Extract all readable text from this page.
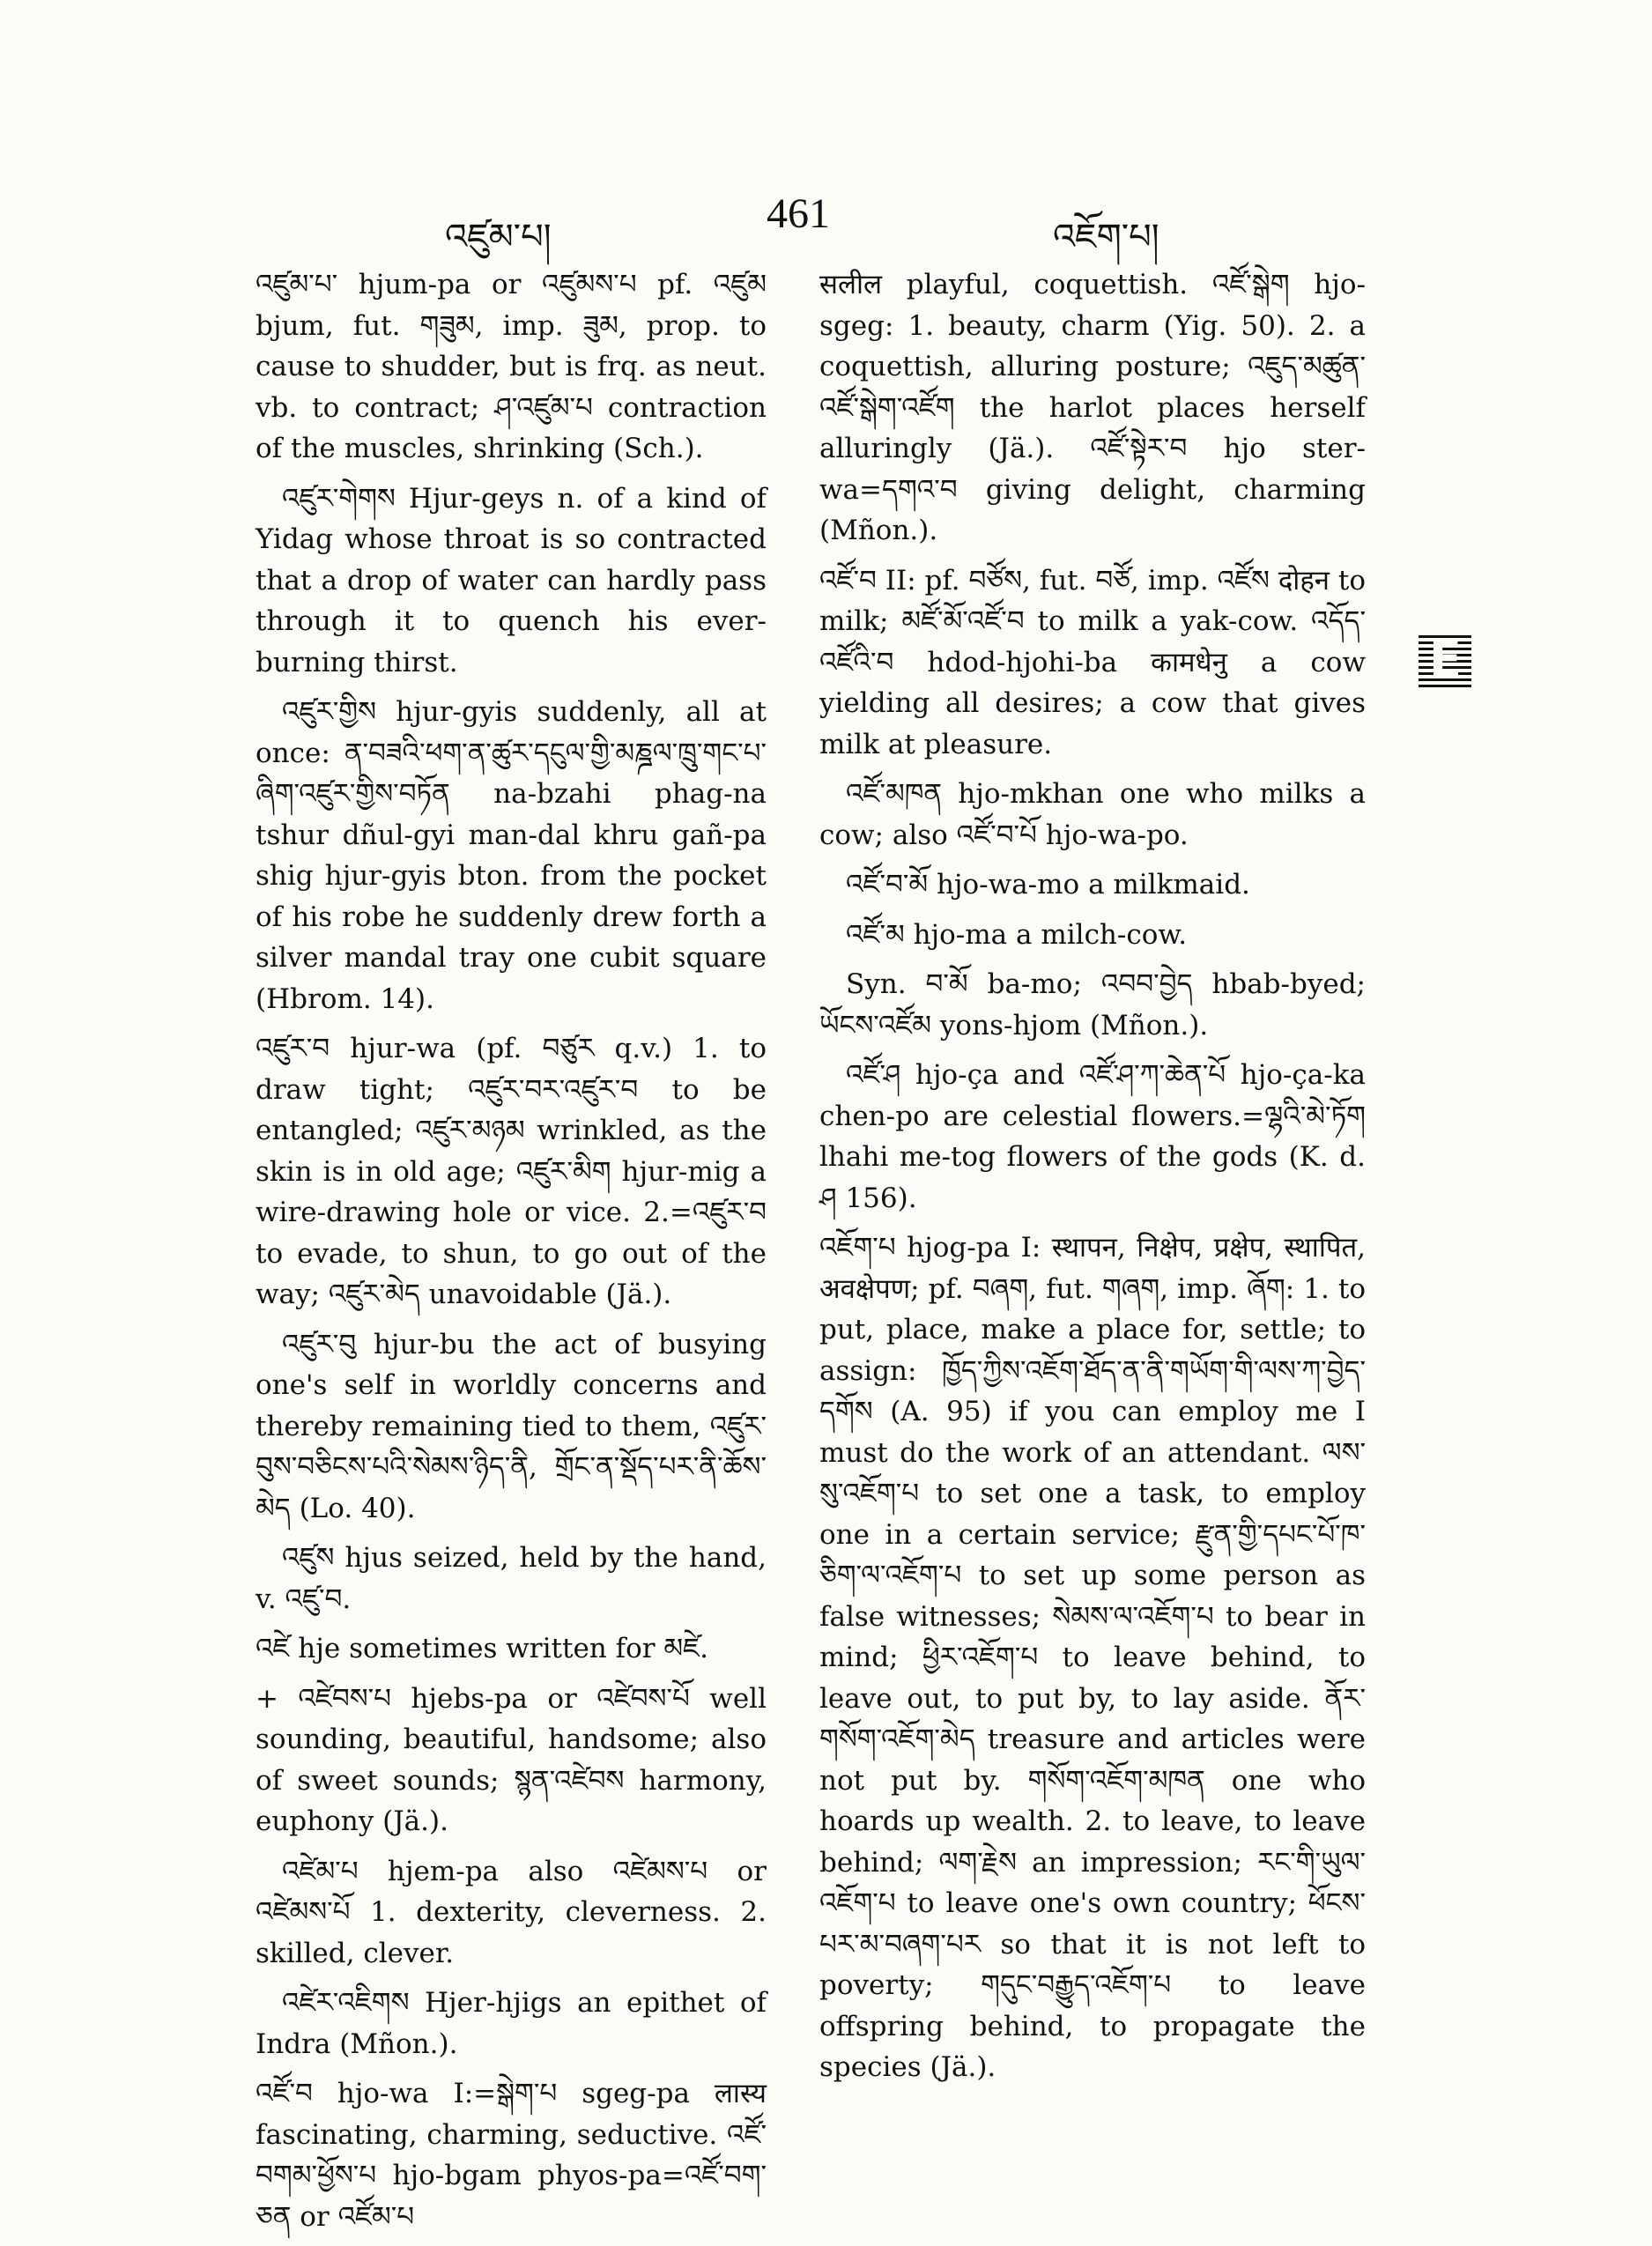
འཛུམ་པ།	461	འཇོག་པ།

འཛུམ་པ་ hjum-pa or འཛུམས་པ pf. འཛུམ bjum, fut. གཟུམ, imp. ཟུམ, prop. to cause to shudder, but is frq. as neut. vb. to contract; ཤ་འཛུམ་པ contraction of the muscles, shrinking (Sch.).

འཛུར་གེགས Hjur-geys n. of a kind of Yidag whose throat is so contracted that a drop of water can hardly pass through it to quench his ever-burning thirst.

འཛུར་གྱིས hjur-gyis suddenly, all at once: ན་བཟའི་ཕག་ན་ཚུར་དངུལ་གྱི་མཎྜལ་ཁྲུ་གང་པ་ཞིག་འཛུར་གྱིས་བཏོན na-bzahi phag-na tshur dñul-gyi man-dal khru gañ-pa shig hjur-gyis bton. from the pocket of his robe he suddenly drew forth a silver mandal tray one cubit square (Hbrom. 14).

འཛུར་བ hjur-wa (pf. བཙུར q.v.) 1. to draw tight; འཛུར་བར་འཛུར་བ to be entangled; འཛུར་མཉམ wrinkled, as the skin is in old age; འཛུར་མིག hjur-mig a wire-drawing hole or vice. 2.=འཛུར་བ to evade, to shun, to go out of the way; འཛུར་མེད unavoidable (Jä.).

འཛུར་བུ hjur-bu the act of busying one's self in worldly concerns and thereby remaining tied to them, འཛུར་བུས་བཅིངས་པའི་སེམས་ཉིད་ནི, གྲོང་ན་སྡོད་པར་ནི་ཆོས་མེད (Lo. 40).

འཛུས hjus seized, held by the hand, v. འཛུ་བ.

འཛེ hje sometimes written for མཛེ.

+ འཛེབས་པ hjebs-pa or འཛེབས་པོ well sounding, beautiful, handsome; also of sweet sounds; སྙན་འཛེབས harmony, euphony (Jä.).

འཛེམ་པ hjem-pa also འཛེམས་པ or འཛེམས་པོ 1. dexterity, cleverness. 2. skilled, clever.

འཛེར་འཇིགས Hjer-hjigs an epithet of Indra (Mñon.).

འཛོ་བ hjo-wa I:=སྒེག་པ sgeg-pa लास्य fascinating, charming, seductive. འཛོ་བགམ་ཕྱོས་པ hjo-bgam phyos-pa=འཛོ་བག་ཅན or འཛོམ་པ

सलील playful, coquettish. འཛོ་སྒེག hjo-sgeg: 1. beauty, charm (Yig. 50). 2. a coquettish, alluring posture; འཇུད་མཚུན་འཛོ་སྒེག་འཛོག the harlot places herself alluringly (Jä.). འཛོ་སྟེར་བ hjo ster-wa=དགའ་བ giving delight, charming (Mñon.).

འཛོ་བ II: pf. བཙོས, fut. བཙོ, imp. འཛོས दोहन to milk; མཛོ་མོ་འཛོ་བ to milk a yak-cow. འདོད་འཛོའི་བ hdod-hjohi-ba कामधेनु a cow yielding all desires; a cow that gives milk at pleasure.

འཛོ་མཁན hjo-mkhan one who milks a cow; also འཛོ་བ་པོ hjo-wa-po.

འཛོ་བ་མོ hjo-wa-mo a milkmaid.

འཛོ་མ hjo-ma a milch-cow.

Syn. བ་མོ ba-mo; འབབ་བྱེད hbab-byed; ཡོངས་འཛོམ yons-hjom (Mñon.).

འཛོ་ཤ hjo-ça and འཛོ་ཤ་ཀ་ཆེན་པོ hjo-ça-ka chen-po are celestial flowers.=ལྷའི་མེ་ཏོག lhahi me-tog flowers of the gods (K. d. ཤ 156).

འཇོག་པ hjog-pa I: स्थापन, निक्षेप, प्रक्षेप, स्थापित, अवक्षेपण; pf. བཞག, fut. གཞག, imp. ཞོག: 1. to put, place, make a place for, settle; to assign: ཁྱོད་ཀྱིས་འཇོག་ཐོད་ན་ནི་གཡོག་གི་ལས་ཀ་བྱེད་དགོས (A. 95) if you can employ me I must do the work of an attendant. ལས་སུ་འཇོག་པ to set one a task, to employ one in a certain service; རྫུན་གྱི་དཔང་པོ་ཁ་ཅིག་ལ་འཇོག་པ to set up some person as false witnesses; སེམས་ལ་འཇོག་པ to bear in mind; ཕྱིར་འཇོག་པ to leave behind, to leave out, to put by, to lay aside. ནོར་གསོག་འཇོག་མེད treasure and articles were not put by. གསོག་འཇོག་མཁན one who hoards up wealth. 2. to leave, to leave behind; ལག་རྗེས an impression; རང་གི་ཡུལ་འཇོག་པ to leave one's own country; ཕོངས་པར་མ་བཞག་པར so that it is not left to poverty; གདུང་བརྒྱུད་འཇོག་པ to leave offspring behind, to propagate the species (Jä.).

E
